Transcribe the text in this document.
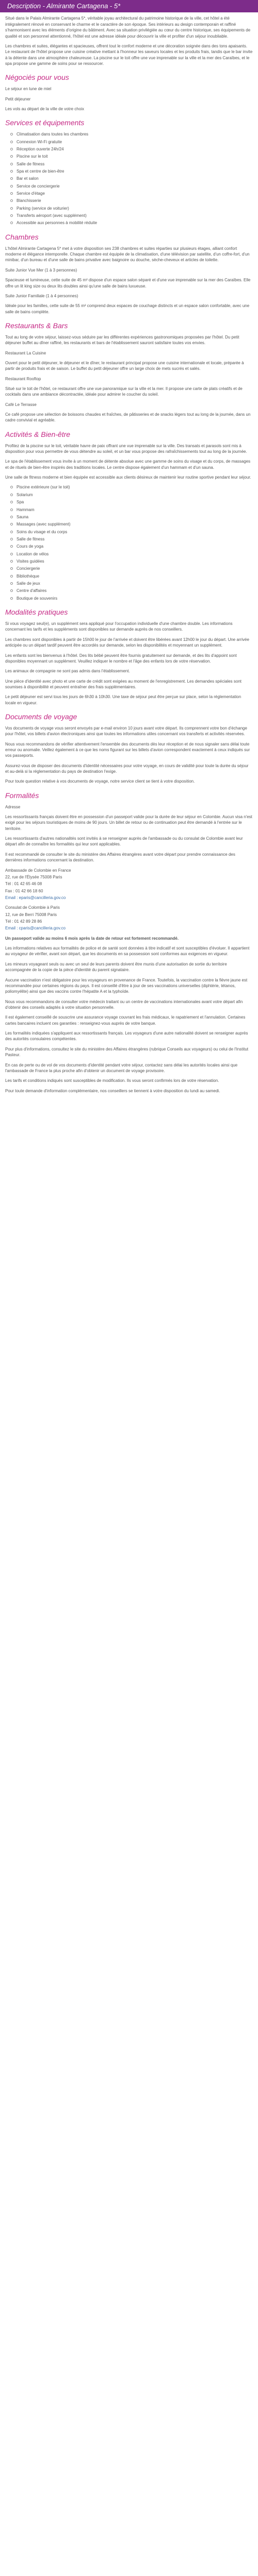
Description - Almirante Cartagena - 5*

Situé dans le Palais Almirante Cartagena 5*, véritable joyau architectural du patrimoine historique de la ville, cet hôtel a été intégralement rénové en conservant le charme et le caractère de son époque. Ses intérieurs au design contemporain et raffiné s'harmonisent avec les éléments d'origine du bâtiment. Avec sa situation privilégiée au cœur du centre historique, ses équipements de qualité et son personnel attentionné, l'hôtel est une adresse idéale pour découvrir la ville et profiter d'un séjour inoubliable.

Les chambres et suites, élégantes et spacieuses, offrent tout le confort moderne et une décoration soignée dans des tons apaisants. Le restaurant de l'hôtel propose une cuisine créative mettant à l'honneur les saveurs locales et les produits frais, tandis que le bar invite à la détente dans une atmosphère chaleureuse. La piscine sur le toit offre une vue imprenable sur la ville et la mer des Caraïbes, et le spa propose une gamme de soins pour se ressourcer.

Négociés pour vous

Le séjour en lune de miel

Petit déjeuner

Les vols au départ de la ville de votre choix

Services et équipements
Climatisation dans toutes les chambres
Connexion Wi-Fi gratuite
Réception ouverte 24h/24
Piscine sur le toit
Salle de fitness
Spa et centre de bien-être
Bar et salon
Service de conciergerie
Service d'étage
Blanchisserie
Parking (service de voiturier)
Transferts aéroport (avec supplément)
Accessible aux personnes à mobilité réduite
Chambres

L'hôtel Almirante Cartagena 5* met à votre disposition ses 238 chambres et suites réparties sur plusieurs étages, alliant confort moderne et élégance intemporelle. Chaque chambre est équipée de la climatisation, d'une télévision par satellite, d'un coffre-fort, d'un minibar, d'un bureau et d'une salle de bains privative avec baignoire ou douche, sèche-cheveux et articles de toilette.

Suite Junior Vue Mer (1 à 3 personnes)

Spacieuse et lumineuse, cette suite de 45 m² dispose d'un espace salon séparé et d'une vue imprenable sur la mer des Caraïbes. Elle offre un lit king size ou deux lits doubles ainsi qu'une salle de bains luxueuse.

Suite Junior Familiale (1 à 4 personnes)

Idéale pour les familles, cette suite de 55 m² comprend deux espaces de couchage distincts et un espace salon confortable, avec une salle de bains complète.

Restaurants & Bars

Tout au long de votre séjour, laissez-vous séduire par les différentes expériences gastronomiques proposées par l'hôtel. Du petit déjeuner buffet au dîner raffiné, les restaurants et bars de l'établissement sauront satisfaire toutes vos envies.

Restaurant La Cuisine

Ouvert pour le petit déjeuner, le déjeuner et le dîner, le restaurant principal propose une cuisine internationale et locale, préparée à partir de produits frais et de saison. Le buffet du petit déjeuner offre un large choix de mets sucrés et salés.

Restaurant Rooftop

Situé sur le toit de l'hôtel, ce restaurant offre une vue panoramique sur la ville et la mer. Il propose une carte de plats créatifs et de cocktails dans une ambiance décontractée, idéale pour admirer le coucher du soleil.

Café Le Terrasse

Ce café propose une sélection de boissons chaudes et fraîches, de pâtisseries et de snacks légers tout au long de la journée, dans un cadre convivial et agréable.

Activités & Bien-être

Profitez de la piscine sur le toit, véritable havre de paix offrant une vue imprenable sur la ville. Des transats et parasols sont mis à disposition pour vous permettre de vous détendre au soleil, et un bar vous propose des rafraîchissements tout au long de la journée.

Le spa de l'établissement vous invite à un moment de détente absolue avec une gamme de soins du visage et du corps, de massages et de rituels de bien-être inspirés des traditions locales. Le centre dispose également d'un hammam et d'un sauna.

Une salle de fitness moderne et bien équipée est accessible aux clients désireux de maintenir leur routine sportive pendant leur séjour.

Piscine extérieure (sur le toit)
Solarium
Spa
Hammam
Sauna
Massages (avec supplément)
Soins du visage et du corps
Salle de fitness
Cours de yoga
Location de vélos
Visites guidées
Conciergerie
Bibliothèque
Salle de jeux
Centre d'affaires
Boutique de souvenirs
Modalités pratiques

Si vous voyagez seul(e), un supplément sera appliqué pour l'occupation individuelle d'une chambre double. Les informations concernant les tarifs et les suppléments sont disponibles sur demande auprès de nos conseillers.

Les chambres sont disponibles à partir de 15h00 le jour de l'arrivée et doivent être libérées avant 12h00 le jour du départ. Une arrivée anticipée ou un départ tardif peuvent être accordés sur demande, selon les disponibilités et moyennant un supplément.

Les enfants sont les bienvenus à l'hôtel. Des lits bébé peuvent être fournis gratuitement sur demande, et des lits d'appoint sont disponibles moyennant un supplément. Veuillez indiquer le nombre et l'âge des enfants lors de votre réservation.

Les animaux de compagnie ne sont pas admis dans l'établissement.

Une pièce d'identité avec photo et une carte de crédit sont exigées au moment de l'enregistrement. Les demandes spéciales sont soumises à disponibilité et peuvent entraîner des frais supplémentaires.

Le petit déjeuner est servi tous les jours de 6h30 à 10h30. Une taxe de séjour peut être perçue sur place, selon la réglementation locale en vigueur.

Documents de voyage

Vos documents de voyage vous seront envoyés par e-mail environ 10 jours avant votre départ. Ils comprennent votre bon d'échange pour l'hôtel, vos billets d'avion électroniques ainsi que toutes les informations utiles concernant vos transferts et activités réservées.

Nous vous recommandons de vérifier attentivement l'ensemble des documents dès leur réception et de nous signaler sans délai toute erreur ou anomalie. Veillez également à ce que les noms figurant sur les billets d'avion correspondent exactement à ceux indiqués sur vos passeports.

Assurez-vous de disposer des documents d'identité nécessaires pour votre voyage, en cours de validité pour toute la durée du séjour et au-delà si la réglementation du pays de destination l'exige.

Pour toute question relative à vos documents de voyage, notre service client se tient à votre disposition.

Formalités

Adresse

Les ressortissants français doivent être en possession d'un passeport valide pour la durée de leur séjour en Colombie. Aucun visa n'est exigé pour les séjours touristiques de moins de 90 jours. Un billet de retour ou de continuation peut être demandé à l'entrée sur le territoire.

Les ressortissants d'autres nationalités sont invités à se renseigner auprès de l'ambassade ou du consulat de Colombie avant leur départ afin de connaître les formalités qui leur sont applicables.

Il est recommandé de consulter le site du ministère des Affaires étrangères avant votre départ pour prendre connaissance des dernières informations concernant la destination.

Ambassade de Colombie en France

22, rue de l'Élysée 75008 Paris

Tél : 01 42 65 46 08

Fax : 01 42 66 18 60

Email : eparis@cancilleria.gov.co

Consulat de Colombie à Paris

12, rue de Berri 75008 Paris

Tél : 01 42 89 28 86

Email : cparis@cancilleria.gov.co

Un passeport valide au moins 6 mois après la date de retour est fortement recommandé.

Les informations relatives aux formalités de police et de santé sont données à titre indicatif et sont susceptibles d'évoluer. Il appartient au voyageur de vérifier, avant son départ, que les documents en sa possession sont conformes aux exigences en vigueur.

Les mineurs voyageant seuls ou avec un seul de leurs parents doivent être munis d'une autorisation de sortie du territoire accompagnée de la copie de la pièce d'identité du parent signataire.

Aucune vaccination n'est obligatoire pour les voyageurs en provenance de France. Toutefois, la vaccination contre la fièvre jaune est recommandée pour certaines régions du pays. Il est conseillé d'être à jour de ses vaccinations universelles (diphtérie, tétanos, poliomyélite) ainsi que des vaccins contre l'hépatite A et la typhoïde.

Nous vous recommandons de consulter votre médecin traitant ou un centre de vaccinations internationales avant votre départ afin d'obtenir des conseils adaptés à votre situation personnelle.

Il est également conseillé de souscrire une assurance voyage couvrant les frais médicaux, le rapatriement et l'annulation. Certaines cartes bancaires incluent ces garanties : renseignez-vous auprès de votre banque.

Les formalités indiquées s'appliquent aux ressortissants français. Les voyageurs d'une autre nationalité doivent se renseigner auprès des autorités consulaires compétentes.

Pour plus d'informations, consultez le site du ministère des Affaires étrangères (rubrique Conseils aux voyageurs) ou celui de l'Institut Pasteur.

En cas de perte ou de vol de vos documents d'identité pendant votre séjour, contactez sans délai les autorités locales ainsi que l'ambassade de France la plus proche afin d'obtenir un document de voyage provisoire.

Les tarifs et conditions indiqués sont susceptibles de modification. Ils vous seront confirmés lors de votre réservation.

Pour toute demande d'information complémentaire, nos conseillers se tiennent à votre disposition du lundi au samedi.
